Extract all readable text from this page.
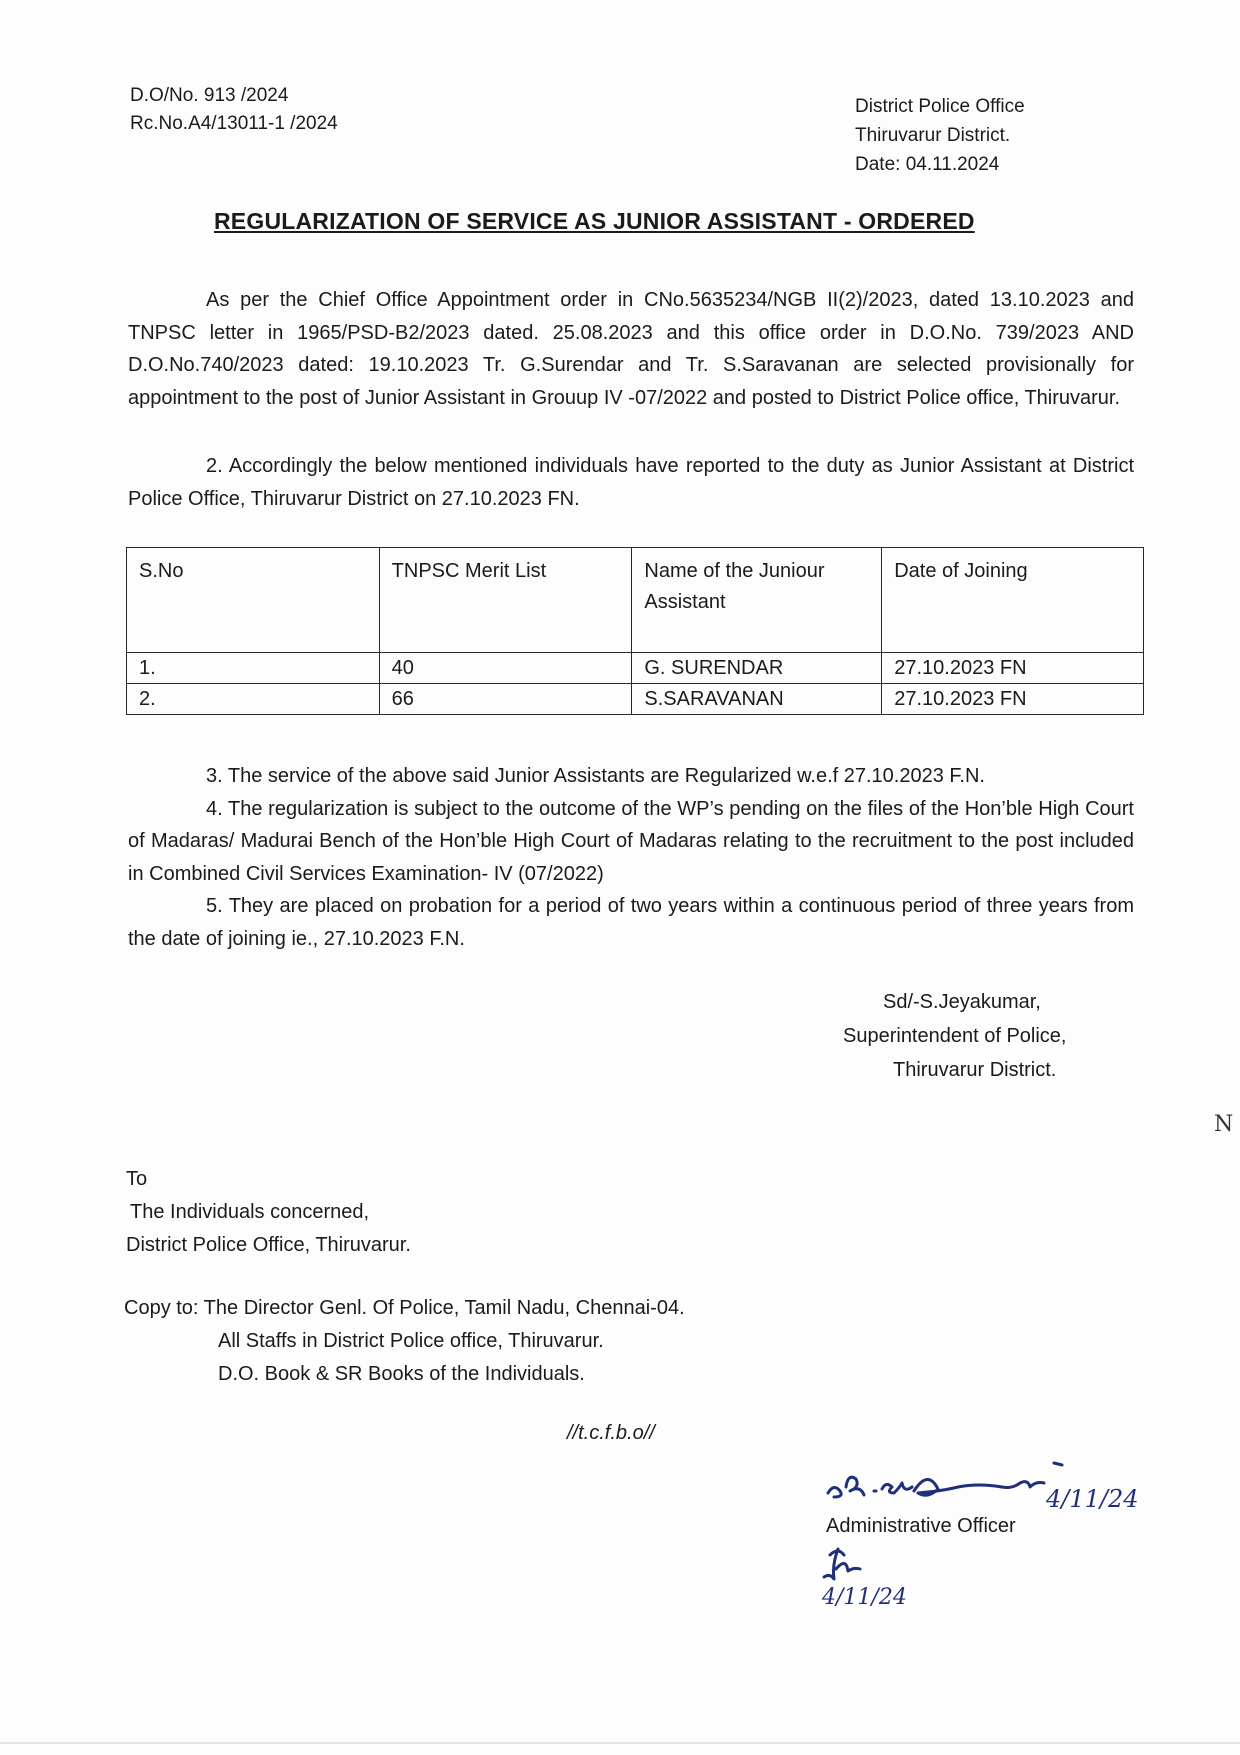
D.O/No. 913 /2024
Rc.No.A4/13011-1 /2024
District Police Office
Thiruvarur District.
Date: 04.11.2024
REGULARIZATION OF SERVICE AS JUNIOR ASSISTANT - ORDERED
As per the Chief Office Appointment order in CNo.5635234/NGB II(2)/2023, dated 13.10.2023 and TNPSC letter in 1965/PSD-B2/2023 dated. 25.08.2023 and this office order in D.O.No. 739/2023 AND D.O.No.740/2023 dated: 19.10.2023 Tr. G.Surendar and Tr. S.Saravanan are selected provisionally for appointment to the post of Junior Assistant in Grouup IV -07/2022 and posted to District Police office, Thiruvarur.
2. Accordingly the below mentioned individuals have reported to the duty as Junior Assistant at District Police Office, Thiruvarur District on 27.10.2023 FN.
S.No	TNPSC Merit List	Name of the Juniour Assistant	Date of Joining
1.	40	G. SURENDAR	27.10.2023 FN
2.	66	S.SARAVANAN	27.10.2023 FN
3. The service of the above said Junior Assistants are Regularized w.e.f 27.10.2023 F.N.
4. The regularization is subject to the outcome of the WP’s pending on the files of the Hon’ble High Court of Madaras/ Madurai Bench of the Hon’ble High Court of Madaras relating to the recruitment to the post included in Combined Civil Services Examination- IV (07/2022)
5. They are placed on probation for a period of two years within a continuous period of three years from the date of joining ie., 27.10.2023 F.N.
Sd/-S.Jeyakumar,
Superintendent of Police,
Thiruvarur District.
N
To
The Individuals concerned,
District Police Office, Thiruvarur.
Copy to: The Director Genl. Of Police, Tamil Nadu, Chennai-04.
All Staffs in District Police office, Thiruvarur.
D.O. Book & SR Books of the Individuals.
//t.c.f.b.o//
4/11/24
Administrative Officer
4/11/24
